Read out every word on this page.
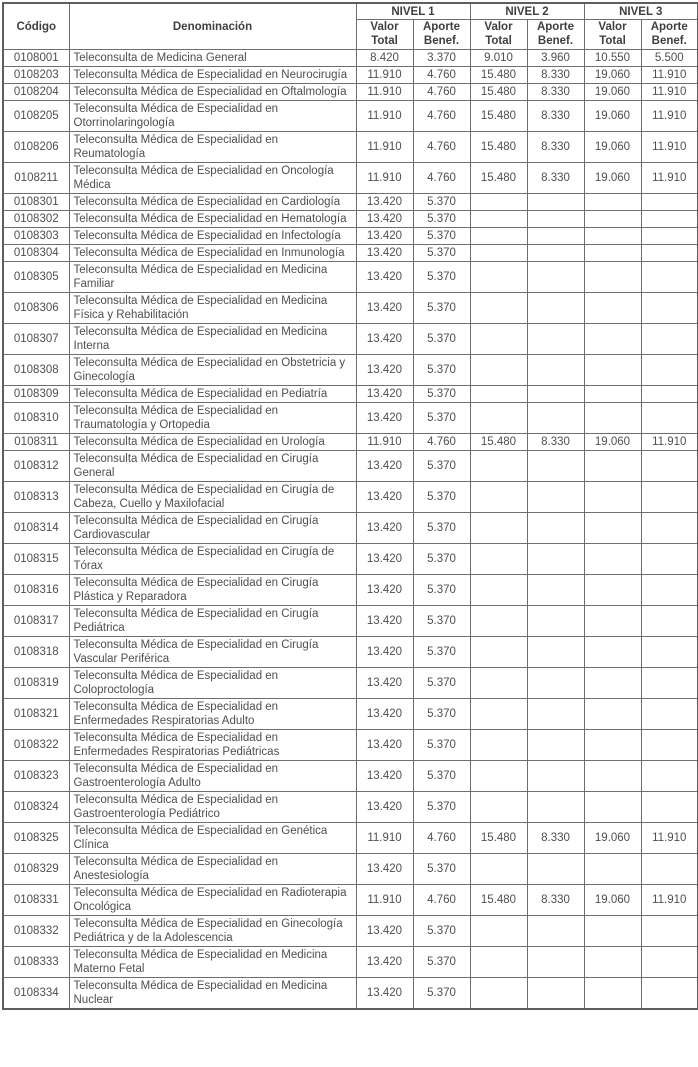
Código	Denominación	NIVEL 1		NIVEL 2		NIVEL 3	
		Valor Total	Aporte Benef.	Valor Total	Aporte Benef.	Valor Total	Aporte Benef.
0108001	Teleconsulta de Medicina General	8.420	3.370	9.010	3.960	10.550	5.500
0108203	Teleconsulta Médica de Especialidad en Neurocirugía	11.910	4.760	15.480	8.330	19.060	11.910
0108204	Teleconsulta Médica de Especialidad en Oftalmología	11.910	4.760	15.480	8.330	19.060	11.910
0108205	Teleconsulta Médica de Especialidad en Otorrinolaringología	11.910	4.760	15.480	8.330	19.060	11.910
0108206	Teleconsulta Médica de Especialidad en Reumatología	11.910	4.760	15.480	8.330	19.060	11.910
0108211	Teleconsulta Médica de Especialidad en Oncología Médica	11.910	4.760	15.480	8.330	19.060	11.910
0108301	Teleconsulta Médica de Especialidad en Cardiología	13.420	5.370				
0108302	Teleconsulta Médica de Especialidad en Hematología	13.420	5.370				
0108303	Teleconsulta Médica de Especialidad en Infectología	13.420	5.370				
0108304	Teleconsulta Médica de Especialidad en Inmunología	13.420	5.370				
0108305	Teleconsulta Médica de Especialidad en Medicina Familiar	13.420	5.370				
0108306	Teleconsulta Médica de Especialidad en Medicina Física y Rehabilitación	13.420	5.370				
0108307	Teleconsulta Médica de Especialidad en Medicina Interna	13.420	5.370				
0108308	Teleconsulta Médica de Especialidad en Obstetricia y Ginecología	13.420	5.370				
0108309	Teleconsulta Médica de Especialidad en Pediatría	13.420	5.370				
0108310	Teleconsulta Médica de Especialidad en Traumatología y Ortopedia	13.420	5.370				
0108311	Teleconsulta Médica de Especialidad en Urología	11.910	4.760	15.480	8.330	19.060	11.910
0108312	Teleconsulta Médica de Especialidad en Cirugía General	13.420	5.370				
0108313	Teleconsulta Médica de Especialidad en Cirugía de Cabeza, Cuello y Maxilofacial	13.420	5.370				
0108314	Teleconsulta Médica de Especialidad en Cirugía Cardiovascular	13.420	5.370				
0108315	Teleconsulta Médica de Especialidad en Cirugía de Tórax	13.420	5.370				
0108316	Teleconsulta Médica de Especialidad en Cirugía Plástica y Reparadora	13.420	5.370				
0108317	Teleconsulta Médica de Especialidad en Cirugía Pediátrica	13.420	5.370				
0108318	Teleconsulta Médica de Especialidad en Cirugía Vascular Periférica	13.420	5.370				
0108319	Teleconsulta Médica de Especialidad en Coloproctología	13.420	5.370				
0108321	Teleconsulta Médica de Especialidad en Enfermedades Respiratorias Adulto	13.420	5.370				
0108322	Teleconsulta Médica de Especialidad en Enfermedades Respiratorias Pediátricas	13.420	5.370				
0108323	Teleconsulta Médica de Especialidad en Gastroenterología Adulto	13.420	5.370				
0108324	Teleconsulta Médica de Especialidad en Gastroenterología Pediátrico	13.420	5.370				
0108325	Teleconsulta Médica de Especialidad en Genética Clínica	11.910	4.760	15.480	8.330	19.060	11.910
0108329	Teleconsulta Médica de Especialidad en Anestesiología	13.420	5.370				
0108331	Teleconsulta Médica de Especialidad en Radioterapia Oncológica	11.910	4.760	15.480	8.330	19.060	11.910
0108332	Teleconsulta Médica de Especialidad en Ginecología Pediátrica y de la Adolescencia	13.420	5.370				
0108333	Teleconsulta Médica de Especialidad en Medicina Materno Fetal	13.420	5.370				
0108334	Teleconsulta Médica de Especialidad en Medicina Nuclear	13.420	5.370				
